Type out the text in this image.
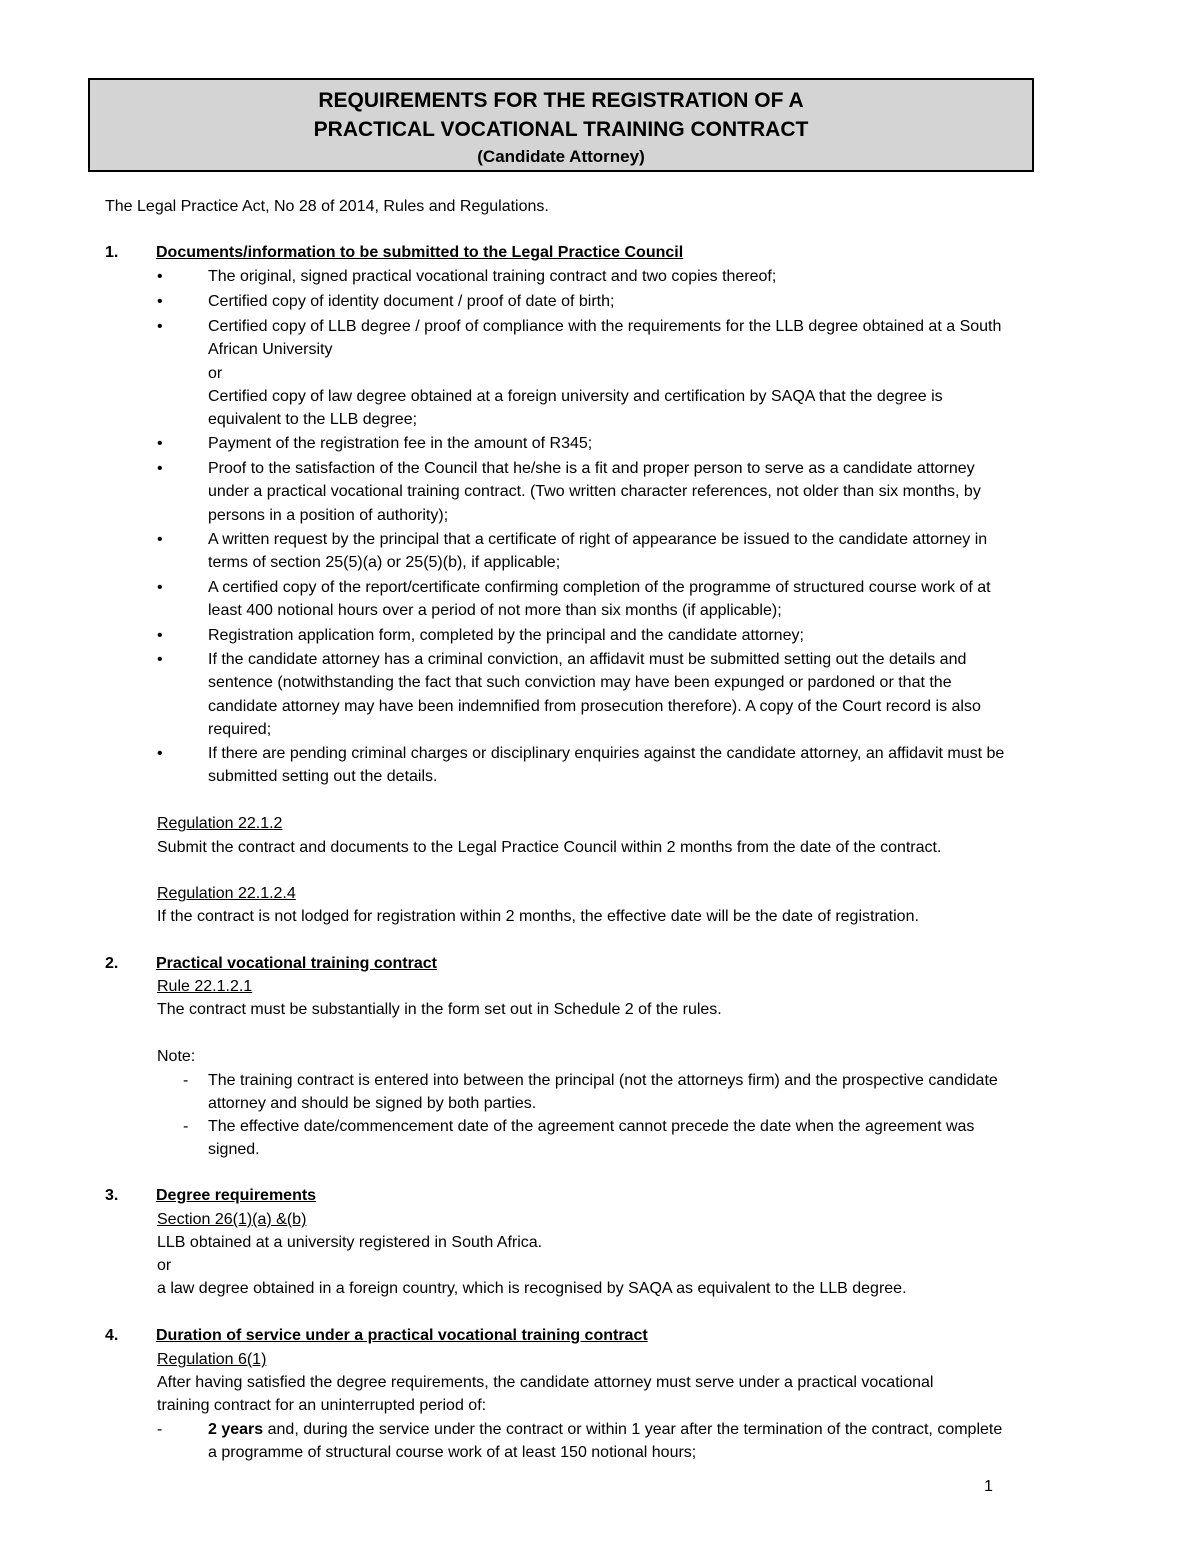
REQUIREMENTS FOR THE REGISTRATION OF A
PRACTICAL VOCATIONAL TRAINING CONTRACT
(Candidate Attorney)
The Legal Practice Act, No 28 of 2014, Rules and Regulations.
1. Documents/information to be submitted to the Legal Practice Council
•	The original, signed practical vocational training contract and two copies thereof;
•	Certified copy of identity document / proof of date of birth;
•	Certified copy of LLB degree / proof of compliance with the requirements for the LLB degree obtained at a South African University
or
Certified copy of law degree obtained at a foreign university and certification by SAQA that the degree is equivalent to the LLB degree;
•	Payment of the registration fee in the amount of R345;
•	Proof to the satisfaction of the Council that he/she is a fit and proper person to serve as a candidate attorney under a practical vocational training contract. (Two written character references, not older than six months, by persons in a position of authority);
•	A written request by the principal that a certificate of right of appearance be issued to the candidate attorney in terms of section 25(5)(a) or 25(5)(b), if applicable;
•	A certified copy of the report/certificate confirming completion of the programme of structured course work of at least 400 notional hours over a period of not more than six months (if applicable);
•	Registration application form, completed by the principal and the candidate attorney;
•	If the candidate attorney has a criminal conviction, an affidavit must be submitted setting out the details and sentence (notwithstanding the fact that such conviction may have been expunged or pardoned or that the candidate attorney may have been indemnified from prosecution therefore). A copy of the Court record is also required;
•	If there are pending criminal charges or disciplinary enquiries against the candidate attorney, an affidavit must be submitted setting out the details.
Regulation 22.1.2
Submit the contract and documents to the Legal Practice Council within 2 months from the date of the contract.
Regulation 22.1.2.4
If the contract is not lodged for registration within 2 months, the effective date will be the date of registration.
2. Practical vocational training contract
Rule 22.1.2.1
The contract must be substantially in the form set out in Schedule 2 of the rules.
Note:
- The training contract is entered into between the principal (not the attorneys firm) and the prospective candidate attorney and should be signed by both parties.
- The effective date/commencement date of the agreement cannot precede the date when the agreement was signed.
3. Degree requirements
Section 26(1)(a) &(b)
LLB obtained at a university registered in South Africa.
or
a law degree obtained in a foreign country, which is recognised by SAQA as equivalent to the LLB degree.
4. Duration of service under a practical vocational training contract
Regulation 6(1)
After having satisfied the degree requirements, the candidate attorney must serve under a practical vocational training contract for an uninterrupted period of:
-	2 years and, during the service under the contract or within 1 year after the termination of the contract, complete a programme of structural course work of at least 150 notional hours;
1
